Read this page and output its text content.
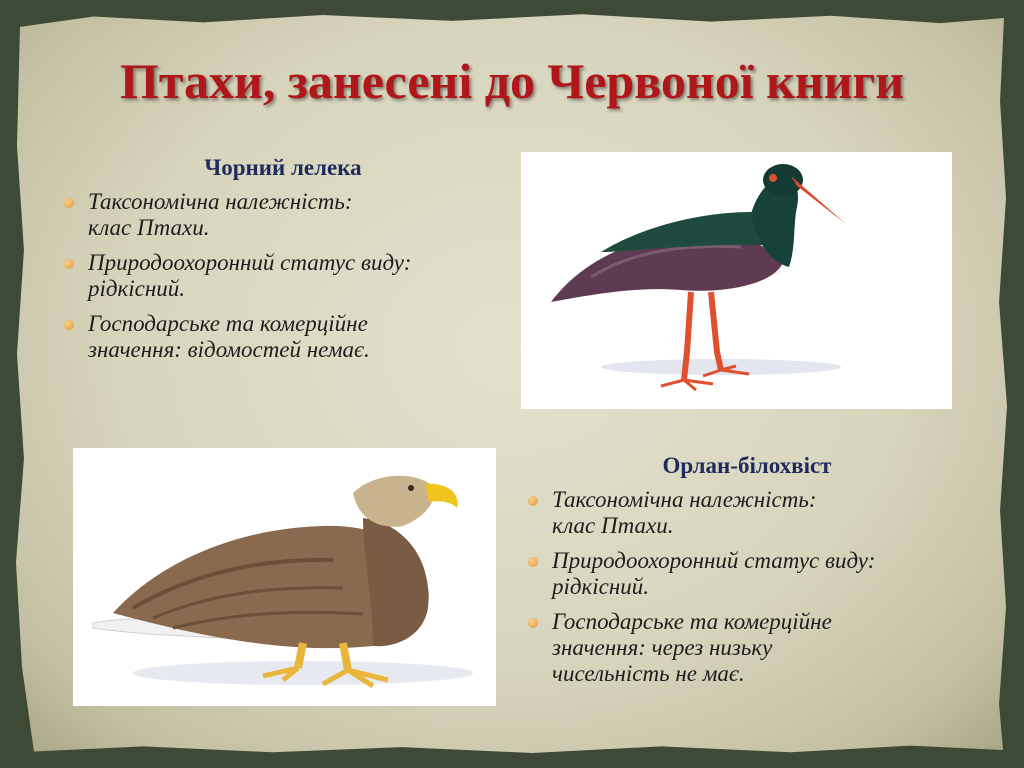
Птахи, занесені до Червоної книги
Чорний лелека
Таксономічна належність:
клас Птахи.
Природоохоронний статус виду:
рідкісний.
Господарське та комерційне
значення: відомостей немає.
Орлан-білохвіст
Таксономічна належність:
клас Птахи.
Природоохоронний статус виду:
рідкісний.
Господарське та комерційне
значення: через низьку
чисельність не має.
